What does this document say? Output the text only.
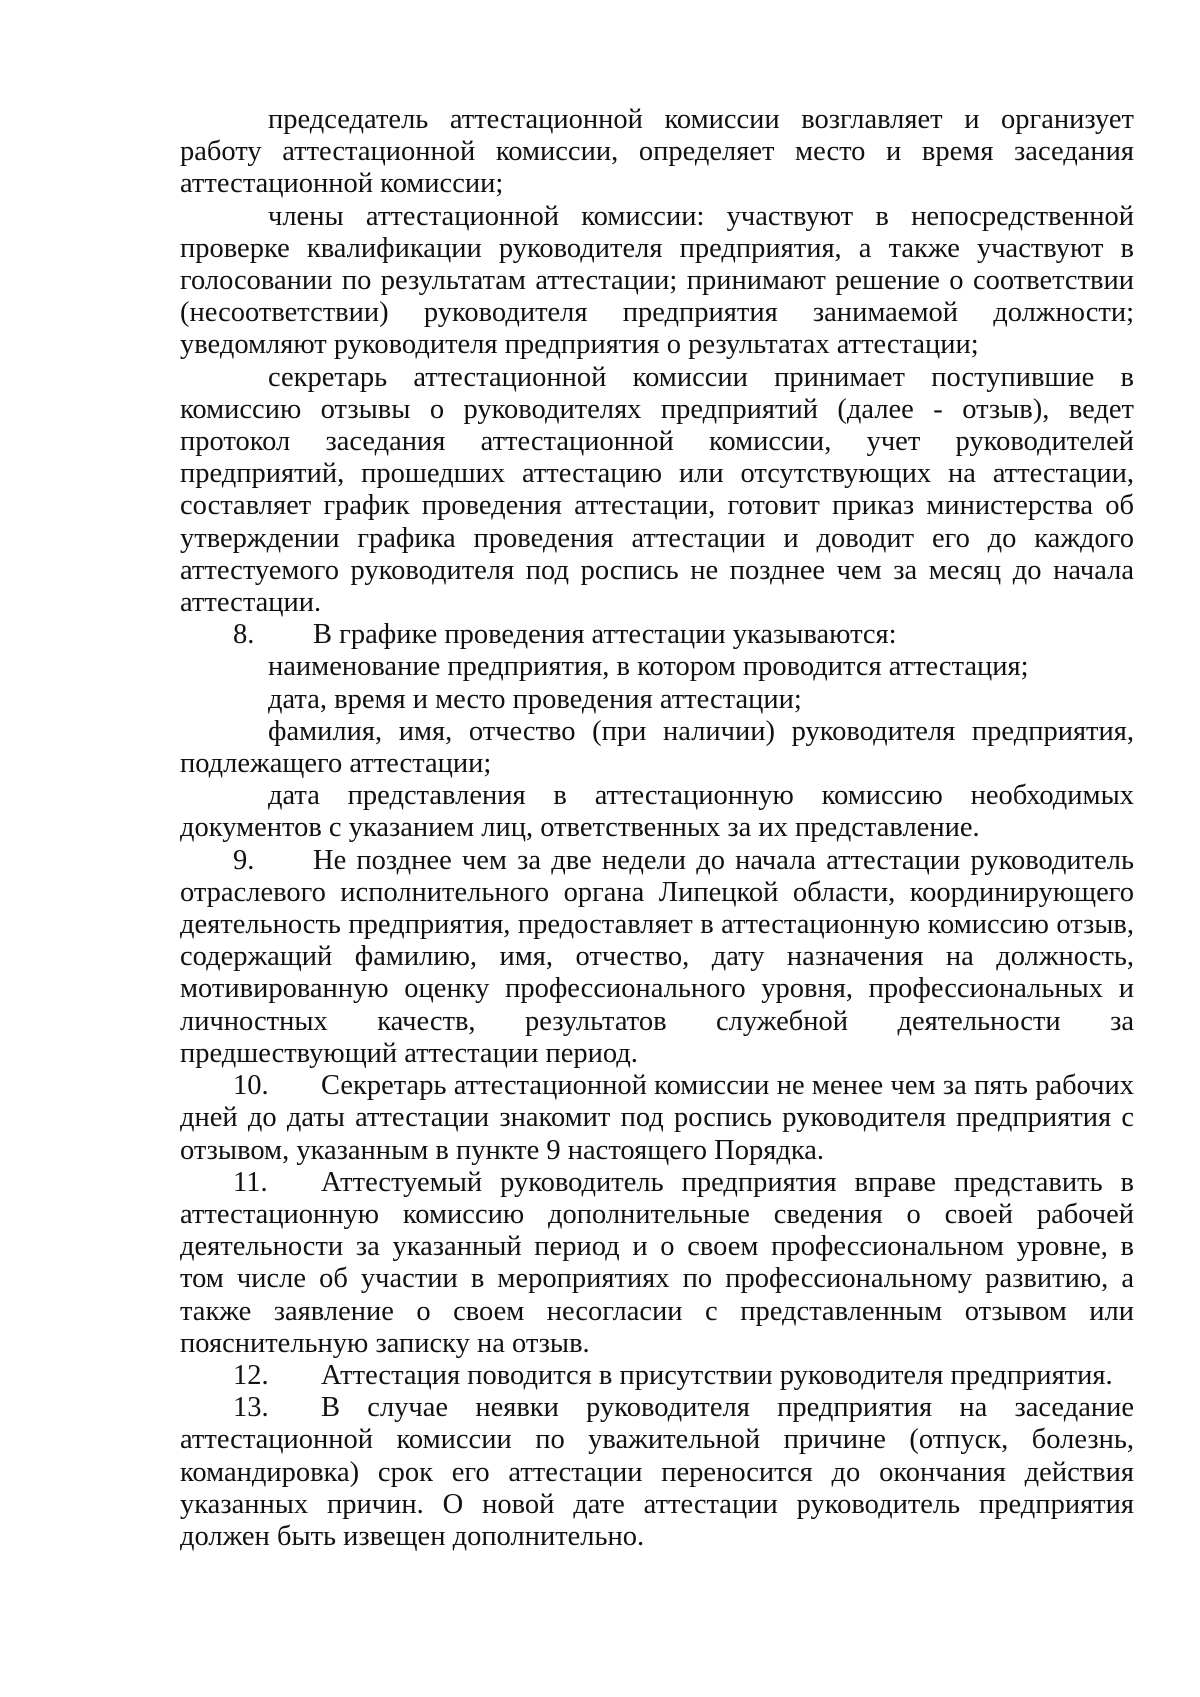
председатель аттестационной комиссии возглавляет и организует работу аттестационной комиссии, определяет место и время заседания аттестационной комиссии;

члены аттестационной комиссии: участвуют в непосредственной проверке квалификации руководителя предприятия, а также участвуют в голосовании по результатам аттестации; принимают решение о соответствии (несоответствии) руководителя предприятия занимаемой должности; уведомляют руководителя предприятия о результатах аттестации;

секретарь аттестационной комиссии принимает поступившие в комиссию отзывы о руководителях предприятий (далее - отзыв), ведет протокол заседания аттестационной комиссии, учет руководителей предприятий, прошедших аттестацию или отсутствующих на аттестации, составляет график проведения аттестации, готовит приказ министерства об утверждении графика проведения аттестации и доводит его до каждого аттестуемого руководителя под роспись не позднее чем за месяц до начала аттестации.

8. В графике проведения аттестации указываются:

наименование предприятия, в котором проводится аттестация;

дата, время и место проведения аттестации;

фамилия, имя, отчество (при наличии) руководителя предприятия, подлежащего аттестации;

дата представления в аттестационную комиссию необходимых документов с указанием лиц, ответственных за их представление.

9. Не позднее чем за две недели до начала аттестации руководитель отраслевого исполнительного органа Липецкой области, координирующего деятельность предприятия, предоставляет в аттестационную комиссию отзыв, содержащий фамилию, имя, отчество, дату назначения на должность, мотивированную оценку профессионального уровня, профессиональных и личностных качеств, результатов служебной деятельности за предшествующий аттестации период.

10. Секретарь аттестационной комиссии не менее чем за пять рабочих дней до даты аттестации знакомит под роспись руководителя предприятия с отзывом, указанным в пункте 9 настоящего Порядка.

11. Аттестуемый руководитель предприятия вправе представить в аттестационную комиссию дополнительные сведения о своей рабочей деятельности за указанный период и о своем профессиональном уровне, в том числе об участии в мероприятиях по профессиональному развитию, а также заявление о своем несогласии с представленным отзывом или пояснительную записку на отзыв.

12. Аттестация поводится в присутствии руководителя предприятия.

13. В случае неявки руководителя предприятия на заседание аттестационной комиссии по уважительной причине (отпуск, болезнь, командировка) срок его аттестации переносится до окончания действия указанных причин. О новой дате аттестации руководитель предприятия должен быть извещен дополнительно.
